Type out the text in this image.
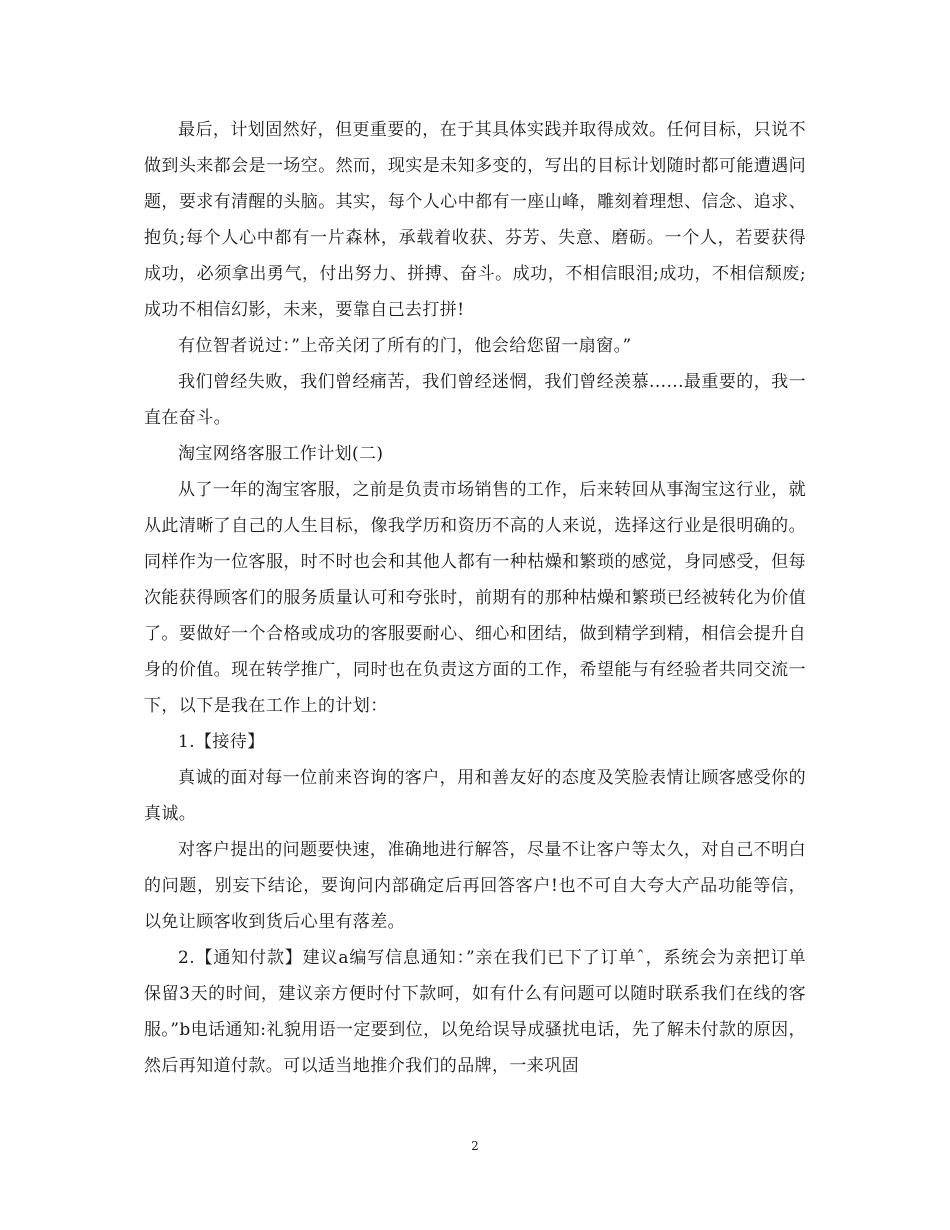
最后，计划固然好，但更重要的，在于其具体实践并取得成效。任何目标，只说不做到头来都会是一场空。然而，现实是未知多变的，写出的目标计划随时都可能遭遇问题，要求有清醒的头脑。其实，每个人心中都有一座山峰，雕刻着理想、信念、追求、抱负;每个人心中都有一片森林，承载着收获、芬芳、失意、磨砺。一个人，若要获得成功，必须拿出勇气，付出努力、拼搏、奋斗。成功，不相信眼泪;成功，不相信颓废;成功不相信幻影，未来，要靠自己去打拼!

有位智者说过：”上帝关闭了所有的门，他会给您留一扇窗。”

我们曾经失败，我们曾经痛苦，我们曾经迷惘，我们曾经羡慕......最重要的，我一直在奋斗。

淘宝网络客服工作计划(二)

从了一年的淘宝客服，之前是负责市场销售的工作，后来转回从事淘宝这行业，就从此清晰了自己的人生目标，像我学历和资历不高的人来说，选择这行业是很明确的。同样作为一位客服，时不时也会和其他人都有一种枯燥和繁琐的感觉，身同感受，但每次能获得顾客们的服务质量认可和夸张时，前期有的那种枯燥和繁琐已经被转化为价值了。要做好一个合格或成功的客服要耐心、细心和团结，做到精学到精，相信会提升自身的价值。现在转学推广，同时也在负责这方面的工作，希望能与有经验者共同交流一下，以下是我在工作上的计划：

1.【接待】

真诚的面对每一位前来咨询的客户，用和善友好的态度及笑脸表情让顾客感受你的真诚。

对客户提出的问题要快速，准确地进行解答，尽量不让客户等太久，对自己不明白的问题，别妄下结论，要询问内部确定后再回答客户!也不可自大夸大产品功能等信，以免让顾客收到货后心里有落差。

2.【通知付款】建议a编写信息通知：”亲在我们已下了订单ˆ，系统会为亲把订单保留3天的时间，建议亲方便时付下款呵，如有什么有问题可以随时联系我们在线的客服。”b电话通知:礼貌用语一定要到位，以免给误导成骚扰电话，先了解未付款的原因，然后再知道付款。可以适当地推介我们的品牌，一来巩固

2
